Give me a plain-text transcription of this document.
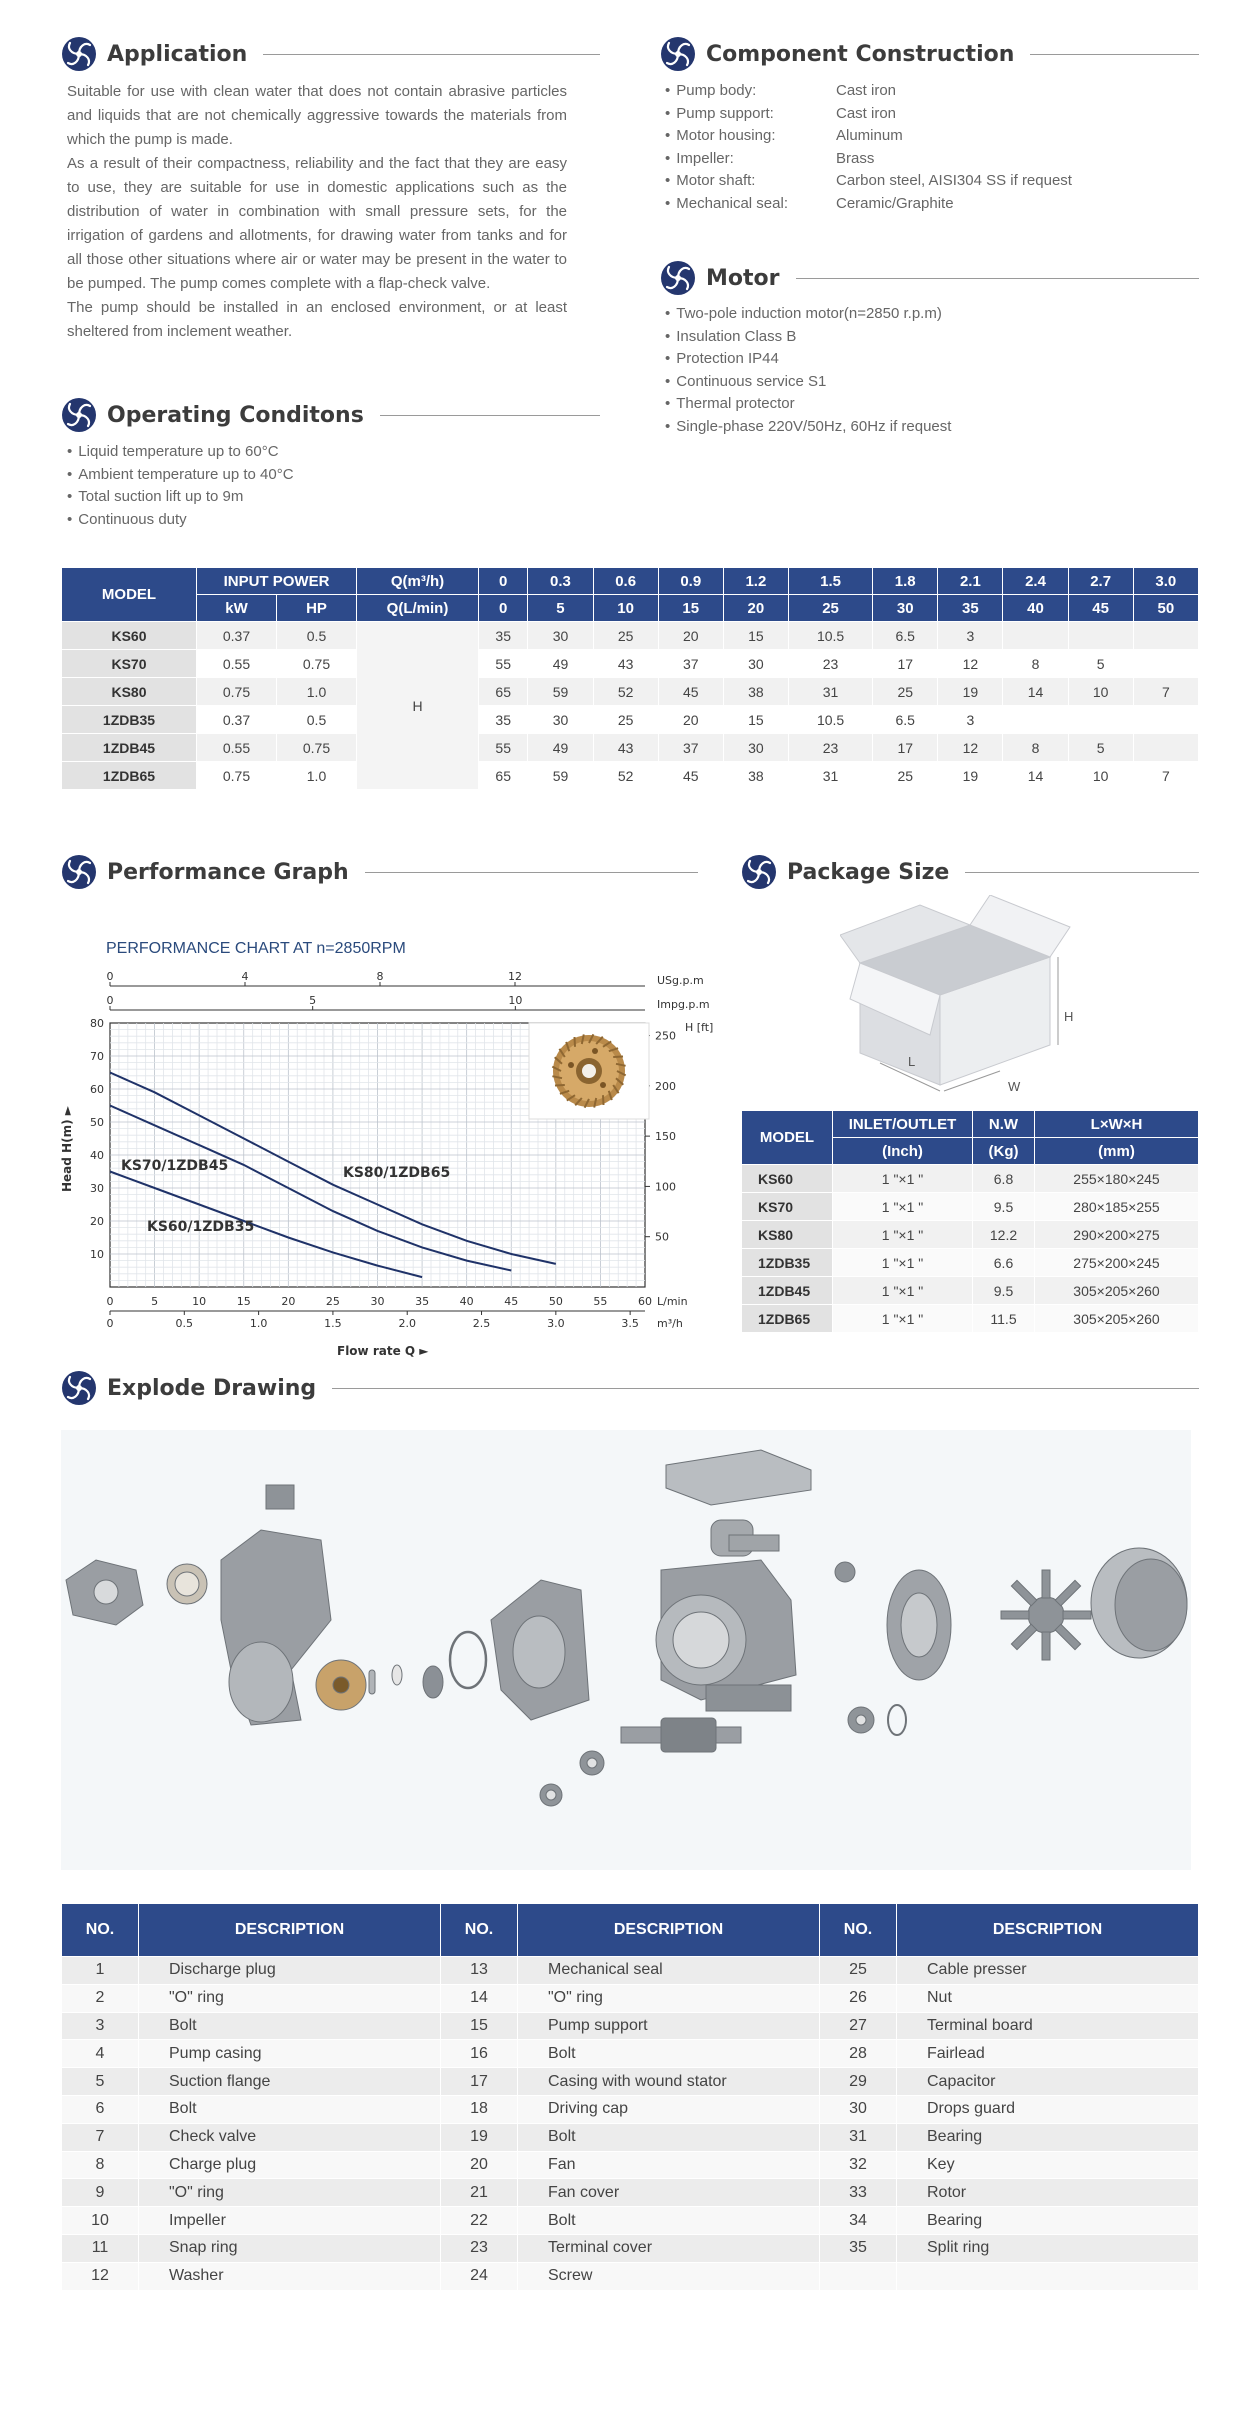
Application

Suitable for use with clean water that does not contain abrasive particles and liquids that are not chemically aggressive towards the materials from which the pump is made.

As a result of their compactness, reliability and the fact that they are easy to use, they are suitable for use in domestic applications such as the distribution of water in combination with small pressure sets, for the irrigation of gardens and allotments, for drawing water from tanks and for all those other situations where air or water may be present in the water to be pumped. The pump comes complete with a flap-check valve.

The pump should be installed in an enclosed environment, or at least sheltered from inclement weather.

Operating Conditons
• Liquid temperature up to 60°C
• Ambient temperature up to 40°C
• Total suction lift up to 9m
• Continuous duty
Component Construction
• Pump body:	Cast iron
• Pump support:	Cast iron
• Motor housing:	Aluminum
• Impeller:	Brass
• Motor shaft:	Carbon steel, AISI304 SS if request
• Mechanical seal:	Ceramic/Graphite
Motor
• Two-pole induction motor(n=2850 r.p.m)
• Insulation Class B
• Protection IP44
• Continuous service S1
• Thermal protector
• Single-phase 220V/50Hz, 60Hz if request
MODEL	INPUT POWER		Q(m³/h)	0	0.3	0.6	0.9	1.2	1.5	1.8	2.1	2.4	2.7	3.0
	kW	HP	Q(L/min)	0	5	10	15	20	25	30	35	40	45	50
KS60	0.37	0.5	H	35	30	25	20	15	10.5	6.5	3			
KS70	0.55	0.75		55	49	43	37	30	23	17	12	8	5	
KS80	0.75	1.0		65	59	52	45	38	31	25	19	14	10	7
1ZDB35	0.37	0.5		35	30	25	20	15	10.5	6.5	3			
1ZDB45	0.55	0.75		55	49	43	37	30	23	17	12	8	5	
1ZDB65	0.75	1.0		65	59	52	45	38	31	25	19	14	10	7
Performance Graph
PERFORMANCE CHART AT n=2850RPM
10
20
30
40
50
60
70
80
50
100
150
200
250
H [ft]
0	5	10	15	20	25	30	35	40	45	50	55	60 L/min
0	0.5	1.0	1.5	2.0	2.5	3.0	3.5 m³/h
0	4	8	12	USg.p.m
0	5	10	Impg.p.m
KS70/1ZDB45	KS80/1ZDB65
KS60/1ZDB35
Flow rate Q ►
Head H(m) ►
Package Size
H
L
W
MODEL	INLET/OUTLET	N.W	L×W×H
	(Inch)	(Kg)	(mm)
KS60	1 "×1 "	6.8	255×180×245
KS70	1 "×1 "	9.5	280×185×255
KS80	1 "×1 "	12.2	290×200×275
1ZDB35	1 "×1 "	6.6	275×200×245
1ZDB45	1 "×1 "	9.5	305×205×260
1ZDB65	1 "×1 "	11.5	305×205×260
Explode Drawing
NO.	DESCRIPTION	NO.	DESCRIPTION	NO.	DESCRIPTION
1	Discharge plug	13	Mechanical seal	25	Cable presser
2	"O" ring	14	"O" ring	26	Nut
3	Bolt	15	Pump support	27	Terminal board
4	Pump casing	16	Bolt	28	Fairlead
5	Suction flange	17	Casing with wound stator	29	Capacitor
6	Bolt	18	Driving cap	30	Drops guard
7	Check valve	19	Bolt	31	Bearing
8	Charge plug	20	Fan	32	Key
9	"O" ring	21	Fan cover	33	Rotor
10	Impeller	22	Bolt	34	Bearing
11	Snap ring	23	Terminal cover	35	Split ring
12	Washer	24	Screw		
